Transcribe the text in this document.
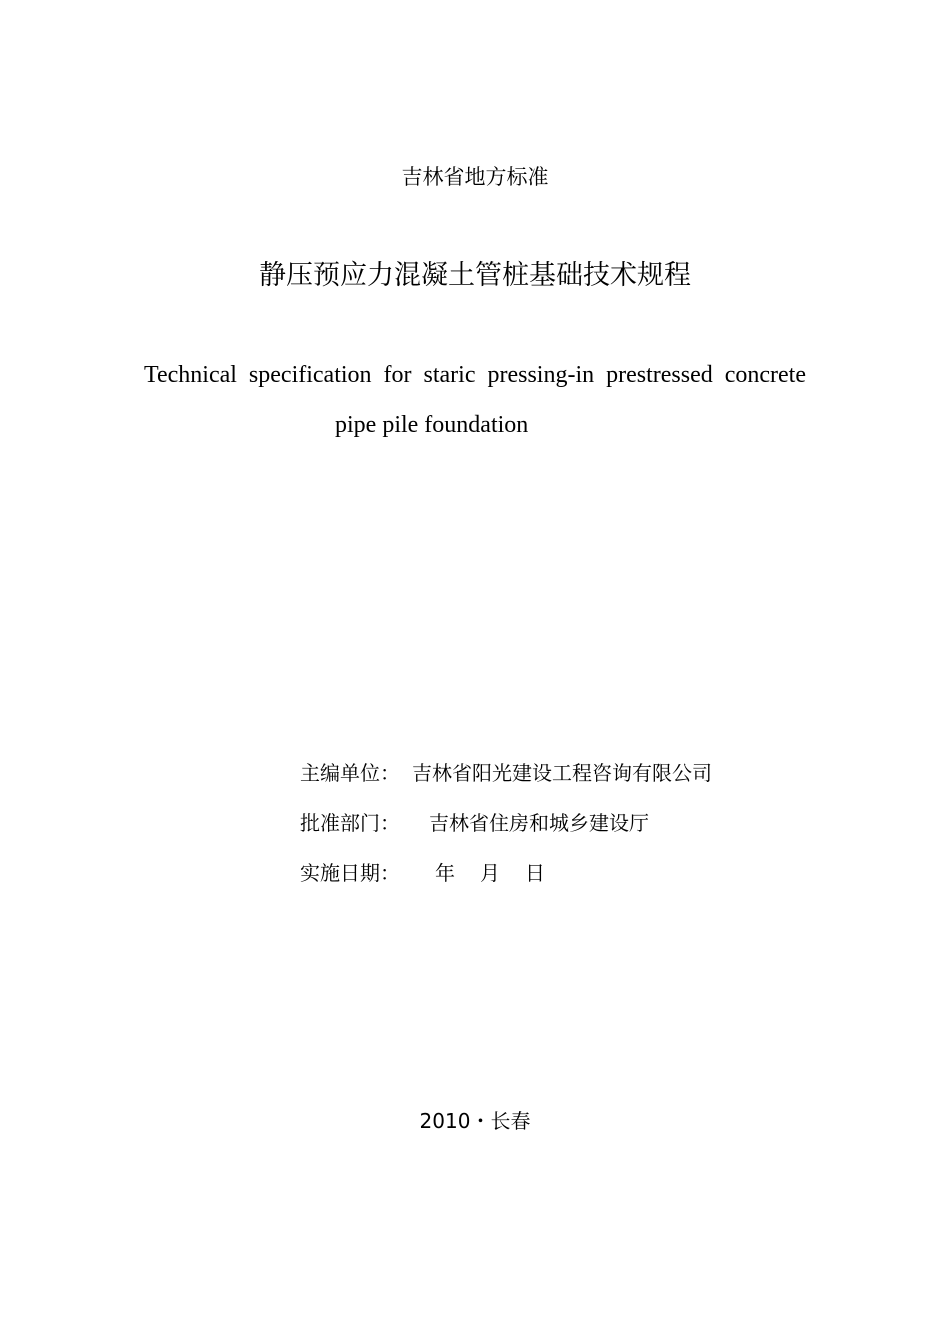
吉林省地方标准
静压预应力混凝土管桩基础技术规程
Technical specification for staric pressing-in prestressed concrete
pipe pile foundation
主编单位： 吉林省阳光建设工程咨询有限公司
批准部门： 吉林省住房和城乡建设厅
实施日期： 年 月 日
2010・长春
